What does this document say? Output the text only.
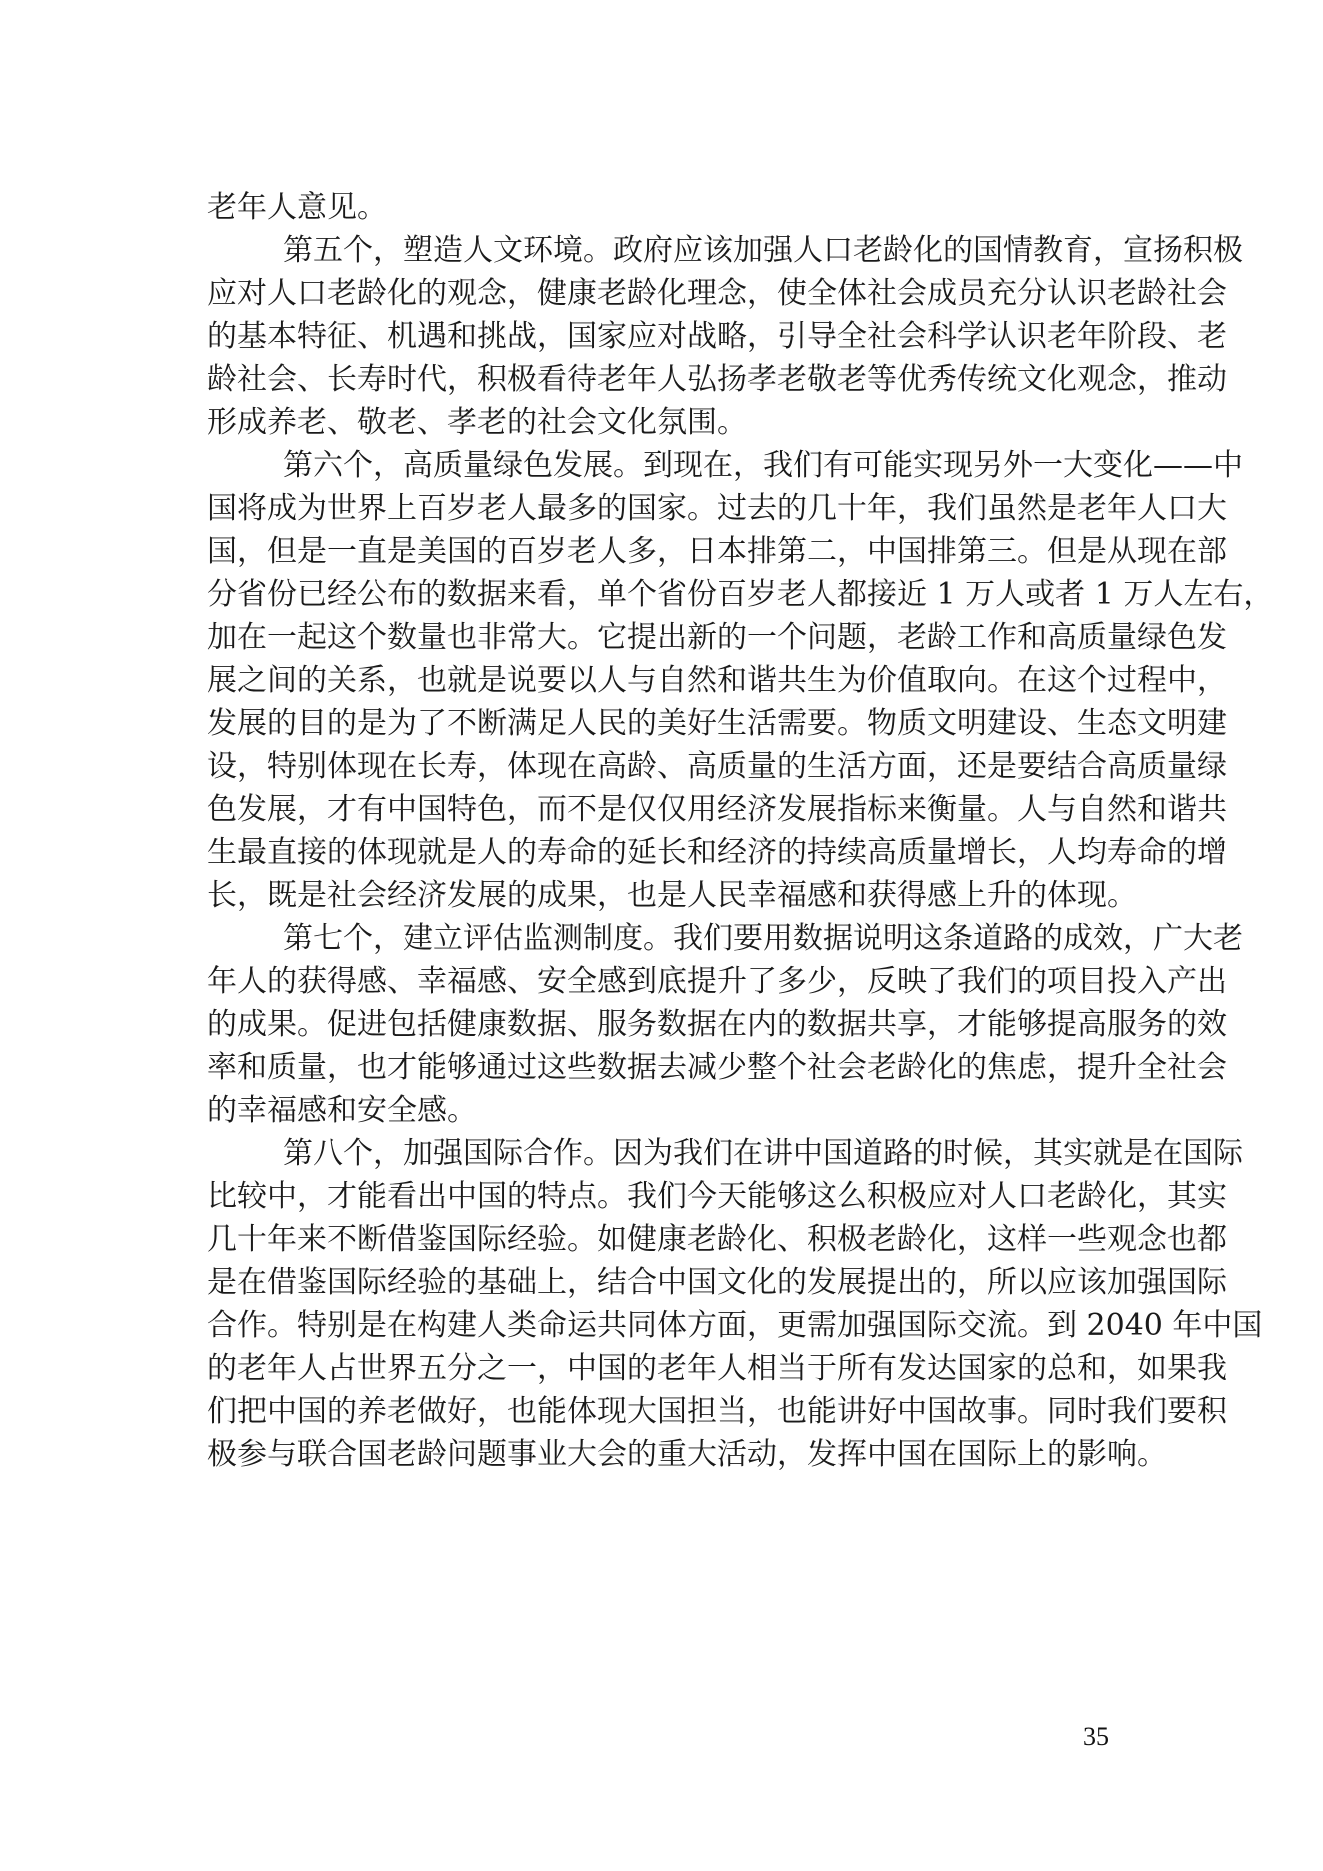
老年人意见。
第五个，塑造人文环境。政府应该加强人口老龄化的国情教育，宣扬积极
应对人口老龄化的观念，健康老龄化理念，使全体社会成员充分认识老龄社会
的基本特征、机遇和挑战，国家应对战略，引导全社会科学认识老年阶段、老
龄社会、长寿时代，积极看待老年人弘扬孝老敬老等优秀传统文化观念，推动
形成养老、敬老、孝老的社会文化氛围。
第六个，高质量绿色发展。到现在，我们有可能实现另外一大变化——中
国将成为世界上百岁老人最多的国家。过去的几十年，我们虽然是老年人口大
国，但是一直是美国的百岁老人多，日本排第二，中国排第三。但是从现在部
分省份已经公布的数据来看，单个省份百岁老人都接近 1 万人或者 1 万人左右，
加在一起这个数量也非常大。它提出新的一个问题，老龄工作和高质量绿色发
展之间的关系，也就是说要以人与自然和谐共生为价值取向。在这个过程中，
发展的目的是为了不断满足人民的美好生活需要。物质文明建设、生态文明建
设，特别体现在长寿，体现在高龄、高质量的生活方面，还是要结合高质量绿
色发展，才有中国特色，而不是仅仅用经济发展指标来衡量。人与自然和谐共
生最直接的体现就是人的寿命的延长和经济的持续高质量增长，人均寿命的增
长，既是社会经济发展的成果，也是人民幸福感和获得感上升的体现。
第七个，建立评估监测制度。我们要用数据说明这条道路的成效，广大老
年人的获得感、幸福感、安全感到底提升了多少，反映了我们的项目投入产出
的成果。促进包括健康数据、服务数据在内的数据共享，才能够提高服务的效
率和质量，也才能够通过这些数据去减少整个社会老龄化的焦虑，提升全社会
的幸福感和安全感。
第八个，加强国际合作。因为我们在讲中国道路的时候，其实就是在国际
比较中，才能看出中国的特点。我们今天能够这么积极应对人口老龄化，其实
几十年来不断借鉴国际经验。如健康老龄化、积极老龄化，这样一些观念也都
是在借鉴国际经验的基础上，结合中国文化的发展提出的，所以应该加强国际
合作。特别是在构建人类命运共同体方面，更需加强国际交流。到 2040 年中国
的老年人占世界五分之一，中国的老年人相当于所有发达国家的总和，如果我
们把中国的养老做好，也能体现大国担当，也能讲好中国故事。同时我们要积
极参与联合国老龄问题事业大会的重大活动，发挥中国在国际上的影响。
35
